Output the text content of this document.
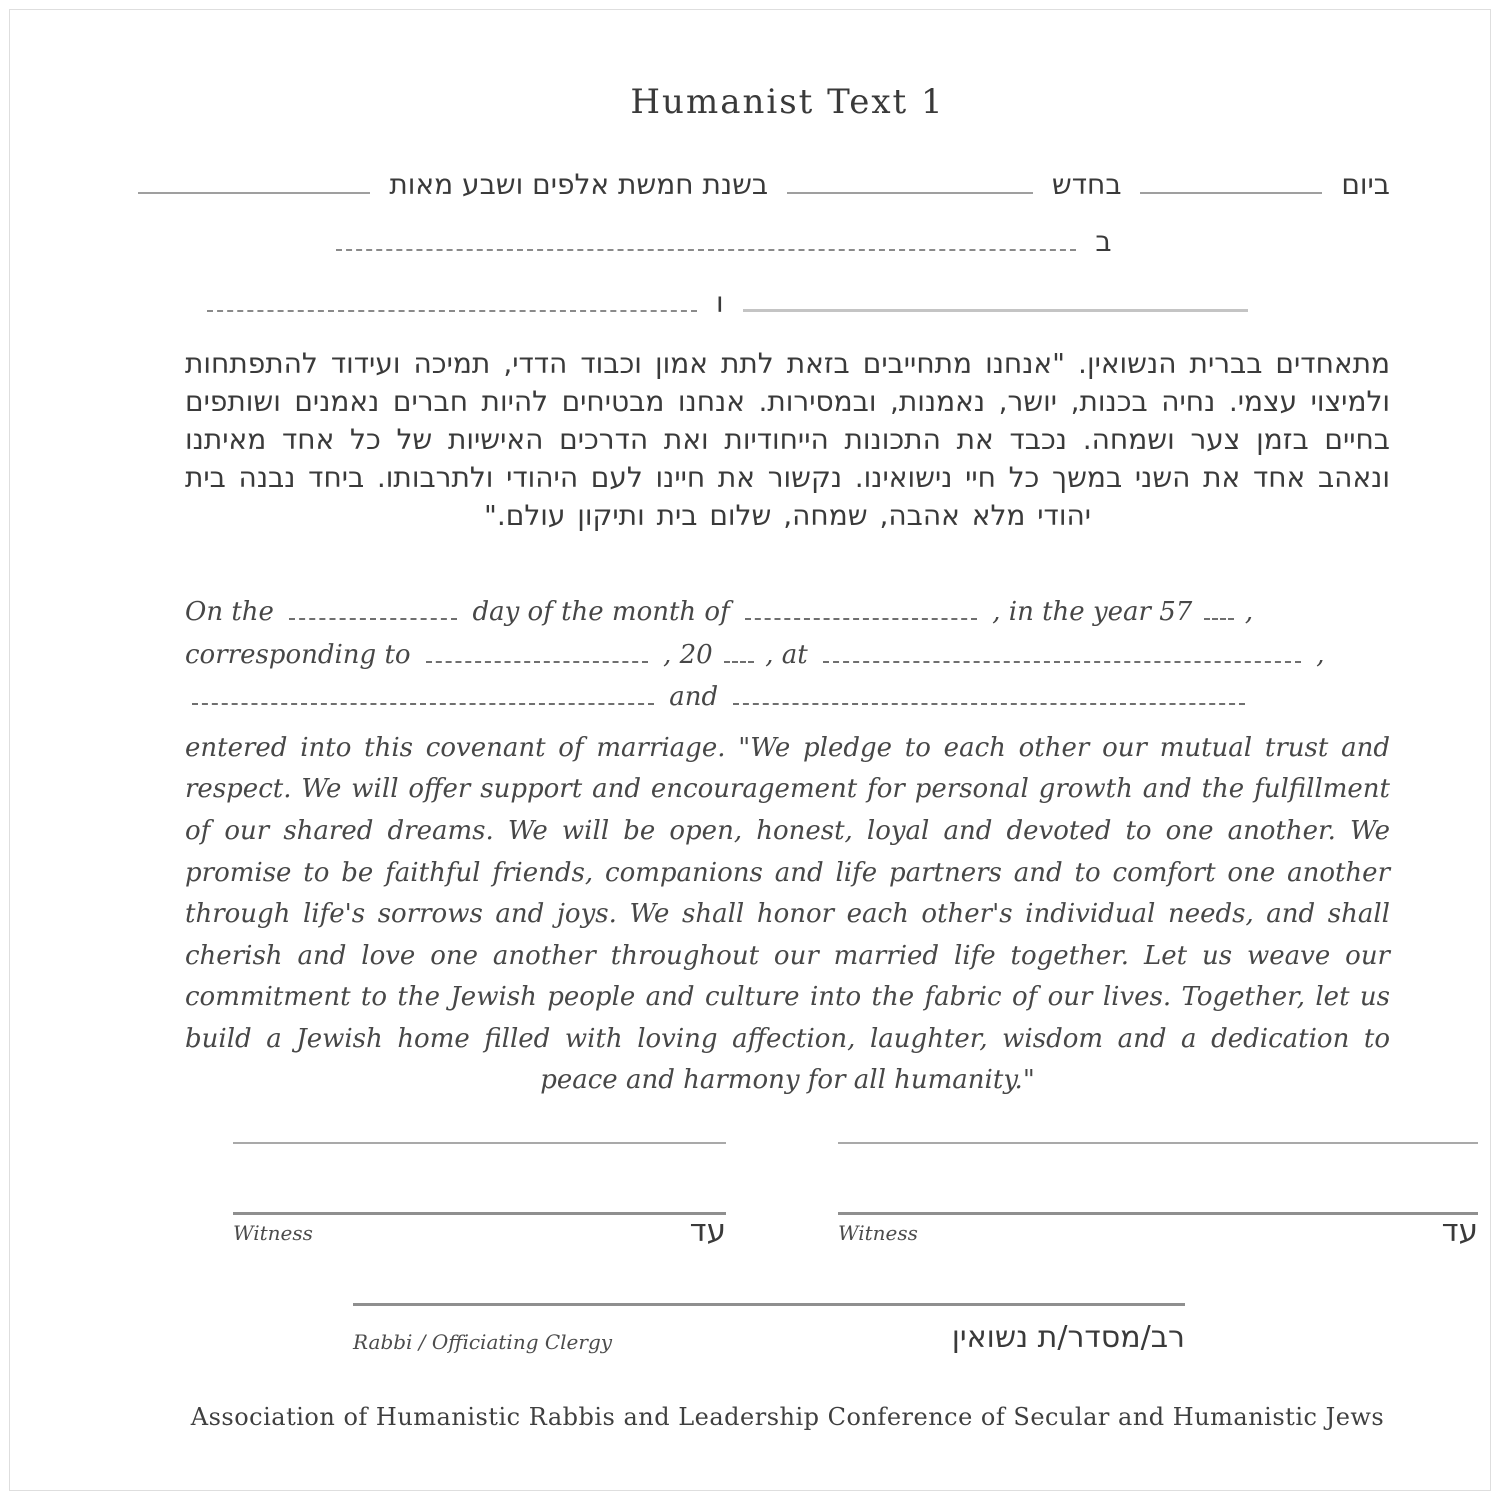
Humanist Text 1
ביום  בחדש  בשנת חמשת אלפים ושבע מאות
ב
ו

מתאחדים בברית הנשואין. "אנחנו מתחייבים בזאת לתת אמון וכבוד הדדי, תמיכה ועידוד להתפתחות ולמיצוי עצמי. נחיה בכנות, יושר, נאמנות, ובמסירות. אנחנו מבטיחים להיות חברים נאמנים ושותפים בחיים בזמן צער ושמחה. נכבד את התכונות הייחודיות ואת הדרכים האישיות של כל אחד מאיתנו ונאהב אחד את השני במשך כל חיי נישואינו. נקשור את חיינו לעם היהודי ולתרבותו. ביחד נבנה בית יהודי מלא אהבה, שמחה, שלום בית ותיקון עולם."

On the	day of the month of	, in the year 57  ,
corresponding to	, 20  , at	,
and

entered into this covenant of marriage. "We pledge to each other our mutual trust and respect. We will offer support and encouragement for personal growth and the fulfillment of our shared dreams. We will be open, honest, loyal and devoted to one another. We promise to be faithful friends, companions and life partners and to comfort one another through life's sorrows and joys. We shall honor each other's individual needs, and shall cherish and love one another throughout our married life together. Let us weave our commitment to the Jewish people and culture into the fabric of our lives. Together, let us build a Jewish home filled with loving affection, laughter, wisdom and a dedication to peace and harmony for all humanity."

Witness	עד	Witness	עד
Rabbi / Officiating Clergy	רב/מסדר/ת נשואין
Association of Humanistic Rabbis and Leadership Conference of Secular and Humanistic Jews
